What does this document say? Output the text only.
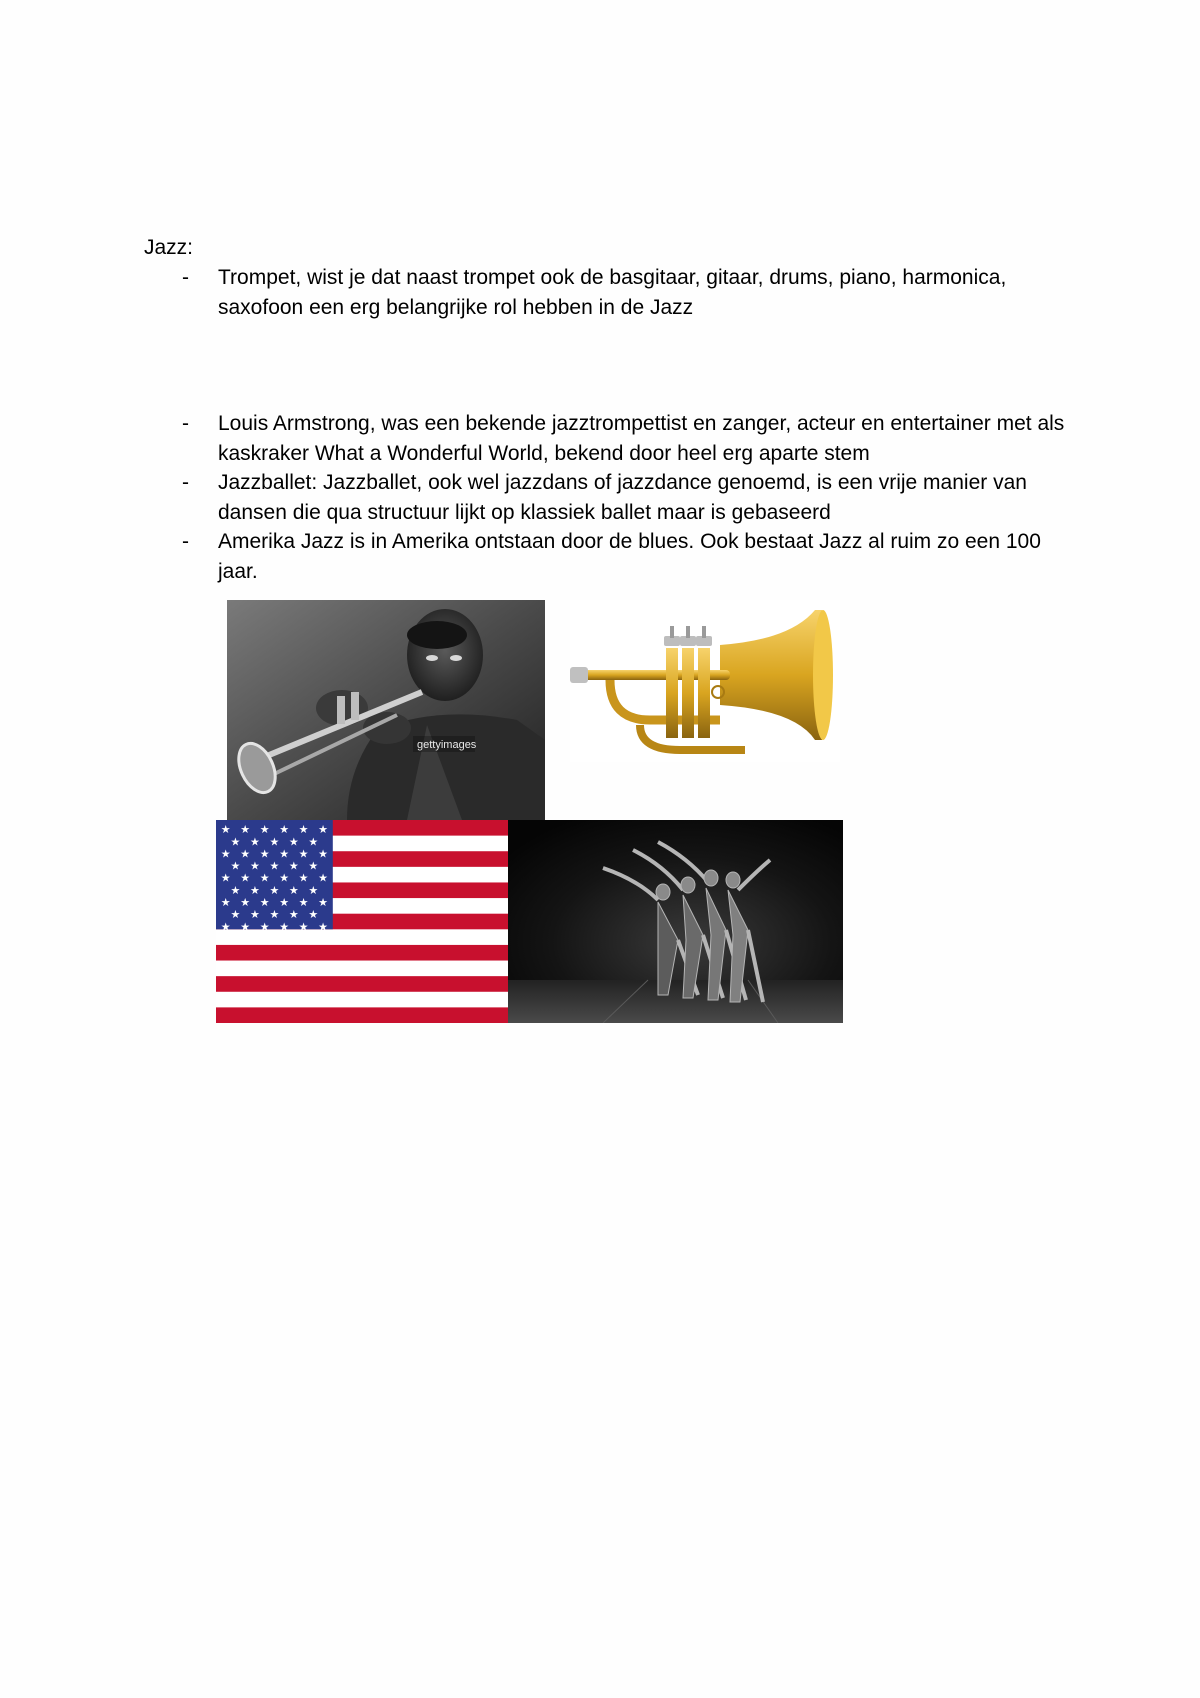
Jazz:
- Trompet, wist je dat naast trompet ook de basgitaar, gitaar, drums, piano, harmonica, saxofoon een erg belangrijke rol hebben in de Jazz
- Louis Armstrong, was een bekende jazztrompettist en zanger, acteur en entertainer met als kaskraker What a Wonderful World, bekend door heel erg aparte stem
- Jazzballet: Jazzballet, ook wel jazzdans of jazzdance genoemd, is een vrije manier van dansen die qua structuur lijkt op klassiek ballet maar is gebaseerd
- Amerika Jazz is in Amerika ontstaan door de blues. Ook bestaat Jazz al ruim zo een 100 jaar.
gettyimages
★ ★ ★ ★ ★ ★
★ ★ ★ ★ ★
★ ★ ★ ★ ★ ★
★ ★ ★ ★ ★
★ ★ ★ ★ ★ ★
★ ★ ★ ★ ★
★ ★ ★ ★ ★ ★
★ ★ ★ ★ ★
★ ★ ★ ★ ★ ★
